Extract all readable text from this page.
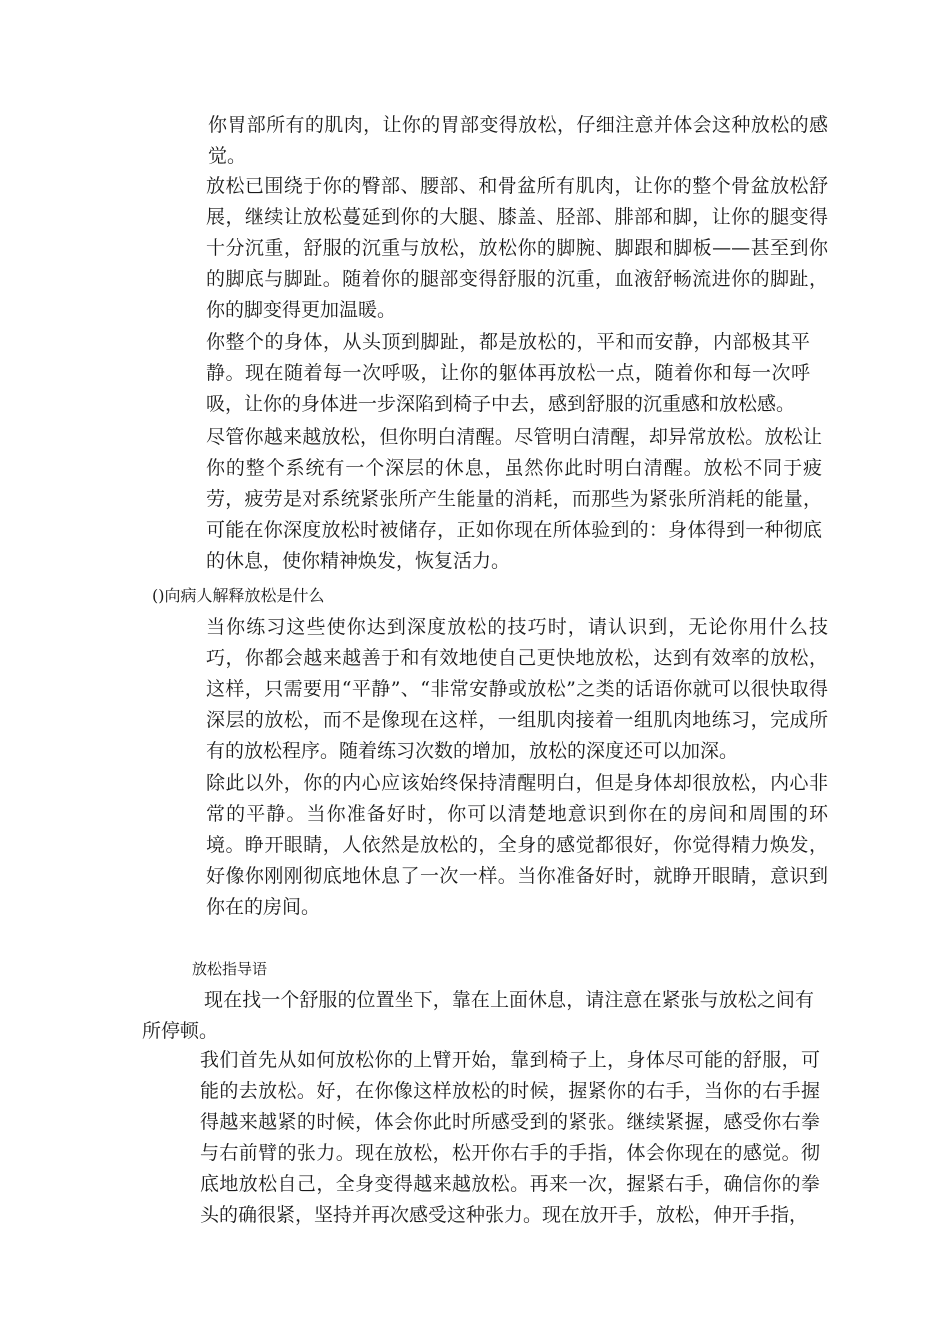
你胃部所有的肌肉，让你的胃部变得放松，仔细注意并体会这种放松的感觉。

放松已围绕于你的臀部、腰部、和骨盆所有肌肉，让你的整个骨盆放松舒展，继续让放松蔓延到你的大腿、膝盖、胫部、腓部和脚，让你的腿变得十分沉重，舒服的沉重与放松，放松你的脚腕、脚跟和脚板——甚至到你的脚底与脚趾。随着你的腿部变得舒服的沉重，血液舒畅流进你的脚趾，你的脚变得更加温暖。

你整个的身体，从头顶到脚趾，都是放松的，平和而安静，内部极其平静。现在随着每一次呼吸，让你的躯体再放松一点，随着你和每一次呼吸，让你的身体进一步深陷到椅子中去，感到舒服的沉重感和放松感。

尽管你越来越放松，但你明白清醒。尽管明白清醒，却异常放松。放松让你的整个系统有一个深层的休息，虽然你此时明白清醒。放松不同于疲劳，疲劳是对系统紧张所产生能量的消耗，而那些为紧张所消耗的能量，可能在你深度放松时被储存，正如你现在所体验到的：身体得到一种彻底的休息，使你精神焕发，恢复活力。

()向病人解释放松是什么

当你练习这些使你达到深度放松的技巧时，请认识到，无论你用什么技巧，你都会越来越善于和有效地使自己更快地放松，达到有效率的放松，这样，只需要用“平静”、“非常安静或放松”之类的话语你就可以很快取得深层的放松，而不是像现在这样，一组肌肉接着一组肌肉地练习，完成所有的放松程序。随着练习次数的增加，放松的深度还可以加深。

除此以外，你的内心应该始终保持清醒明白，但是身体却很放松，内心非常的平静。当你准备好时，你可以清楚地意识到你在的房间和周围的环境。睁开眼睛，人依然是放松的，全身的感觉都很好，你觉得精力焕发，好像你刚刚彻底地休息了一次一样。当你准备好时，就睁开眼睛，意识到你在的房间。

放松指导语

现在找一个舒服的位置坐下，靠在上面休息，请注意在紧张与放松之间有所停顿。

我们首先从如何放松你的上臂开始，靠到椅子上，身体尽可能的舒服，可能的去放松。好，在你像这样放松的时候，握紧你的右手，当你的右手握得越来越紧的时候，体会你此时所感受到的紧张。继续紧握，感受你右拳与右前臂的张力。现在放松，松开你右手的手指，体会你现在的感觉。彻底地放松自己，全身变得越来越放松。再来一次，握紧右手，确信你的拳头的确很紧，坚持并再次感受这种张力。现在放开手，放松，伸开手指，
